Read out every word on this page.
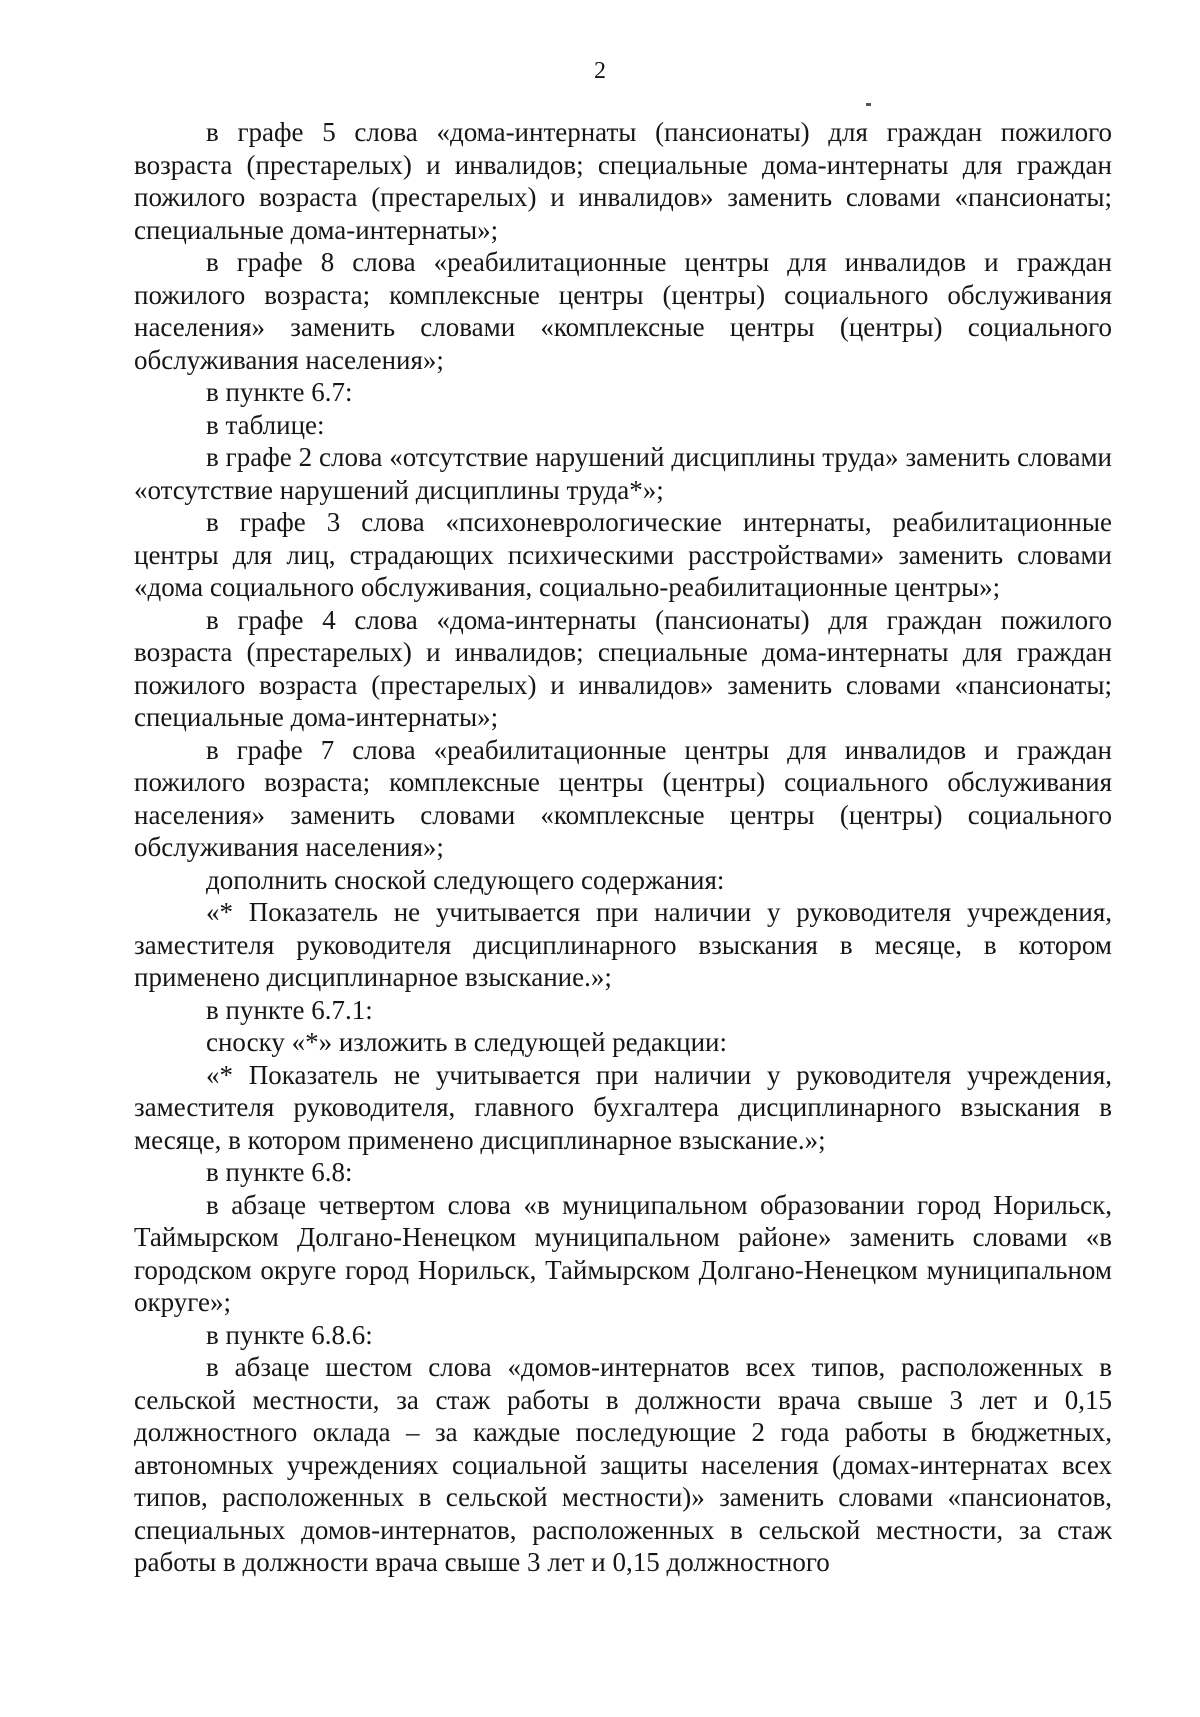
2

в графе 5 слова «дома-интернаты (пансионаты) для граждан пожилого возраста (престарелых) и инвалидов; специальные дома-интернаты для граждан пожилого возраста (престарелых) и инвалидов» заменить словами «пансионаты; специальные дома-интернаты»;

в графе 8 слова «реабилитационные центры для инвалидов и граждан пожилого возраста; комплексные центры (центры) социального обслуживания населения» заменить словами «комплексные центры (центры) социального обслуживания населения»;

в пункте 6.7:

в таблице:

в графе 2 слова «отсутствие нарушений дисциплины труда» заменить словами «отсутствие нарушений дисциплины труда*»;

в графе 3 слова «психоневрологические интернаты, реабилитационные центры для лиц, страдающих психическими расстройствами» заменить словами «дома социального обслуживания, социально-реабилитационные центры»;

в графе 4 слова «дома-интернаты (пансионаты) для граждан пожилого возраста (престарелых) и инвалидов; специальные дома-интернаты для граждан пожилого возраста (престарелых) и инвалидов» заменить словами «пансионаты; специальные дома-интернаты»;

в графе 7 слова «реабилитационные центры для инвалидов и граждан пожилого возраста; комплексные центры (центры) социального обслуживания населения» заменить словами «комплексные центры (центры) социального обслуживания населения»;

дополнить сноской следующего содержания:

«* Показатель не учитывается при наличии у руководителя учреждения, заместителя руководителя дисциплинарного взыскания в месяце, в котором применено дисциплинарное взыскание.»;

в пункте 6.7.1:

сноску «*» изложить в следующей редакции:

«* Показатель не учитывается при наличии у руководителя учреждения, заместителя руководителя, главного бухгалтера дисциплинарного взыскания в месяце, в котором применено дисциплинарное взыскание.»;

в пункте 6.8:

в абзаце четвертом слова «в муниципальном образовании город Норильск, Таймырском Долгано-Ненецком муниципальном районе» заменить словами «в городском округе город Норильск, Таймырском Долгано-Ненецком муниципальном округе»;

в пункте 6.8.6:

в абзаце шестом слова «домов-интернатов всех типов, расположенных в сельской местности, за стаж работы в должности врача свыше 3 лет и 0,15 должностного оклада – за каждые последующие 2 года работы в бюджетных, автономных учреждениях социальной защиты населения (домах-интернатах всех типов, расположенных в сельской местности)» заменить словами «пансионатов, специальных домов-интернатов, расположенных в сельской местности, за стаж работы в должности врача свыше 3 лет и 0,15 должностного
